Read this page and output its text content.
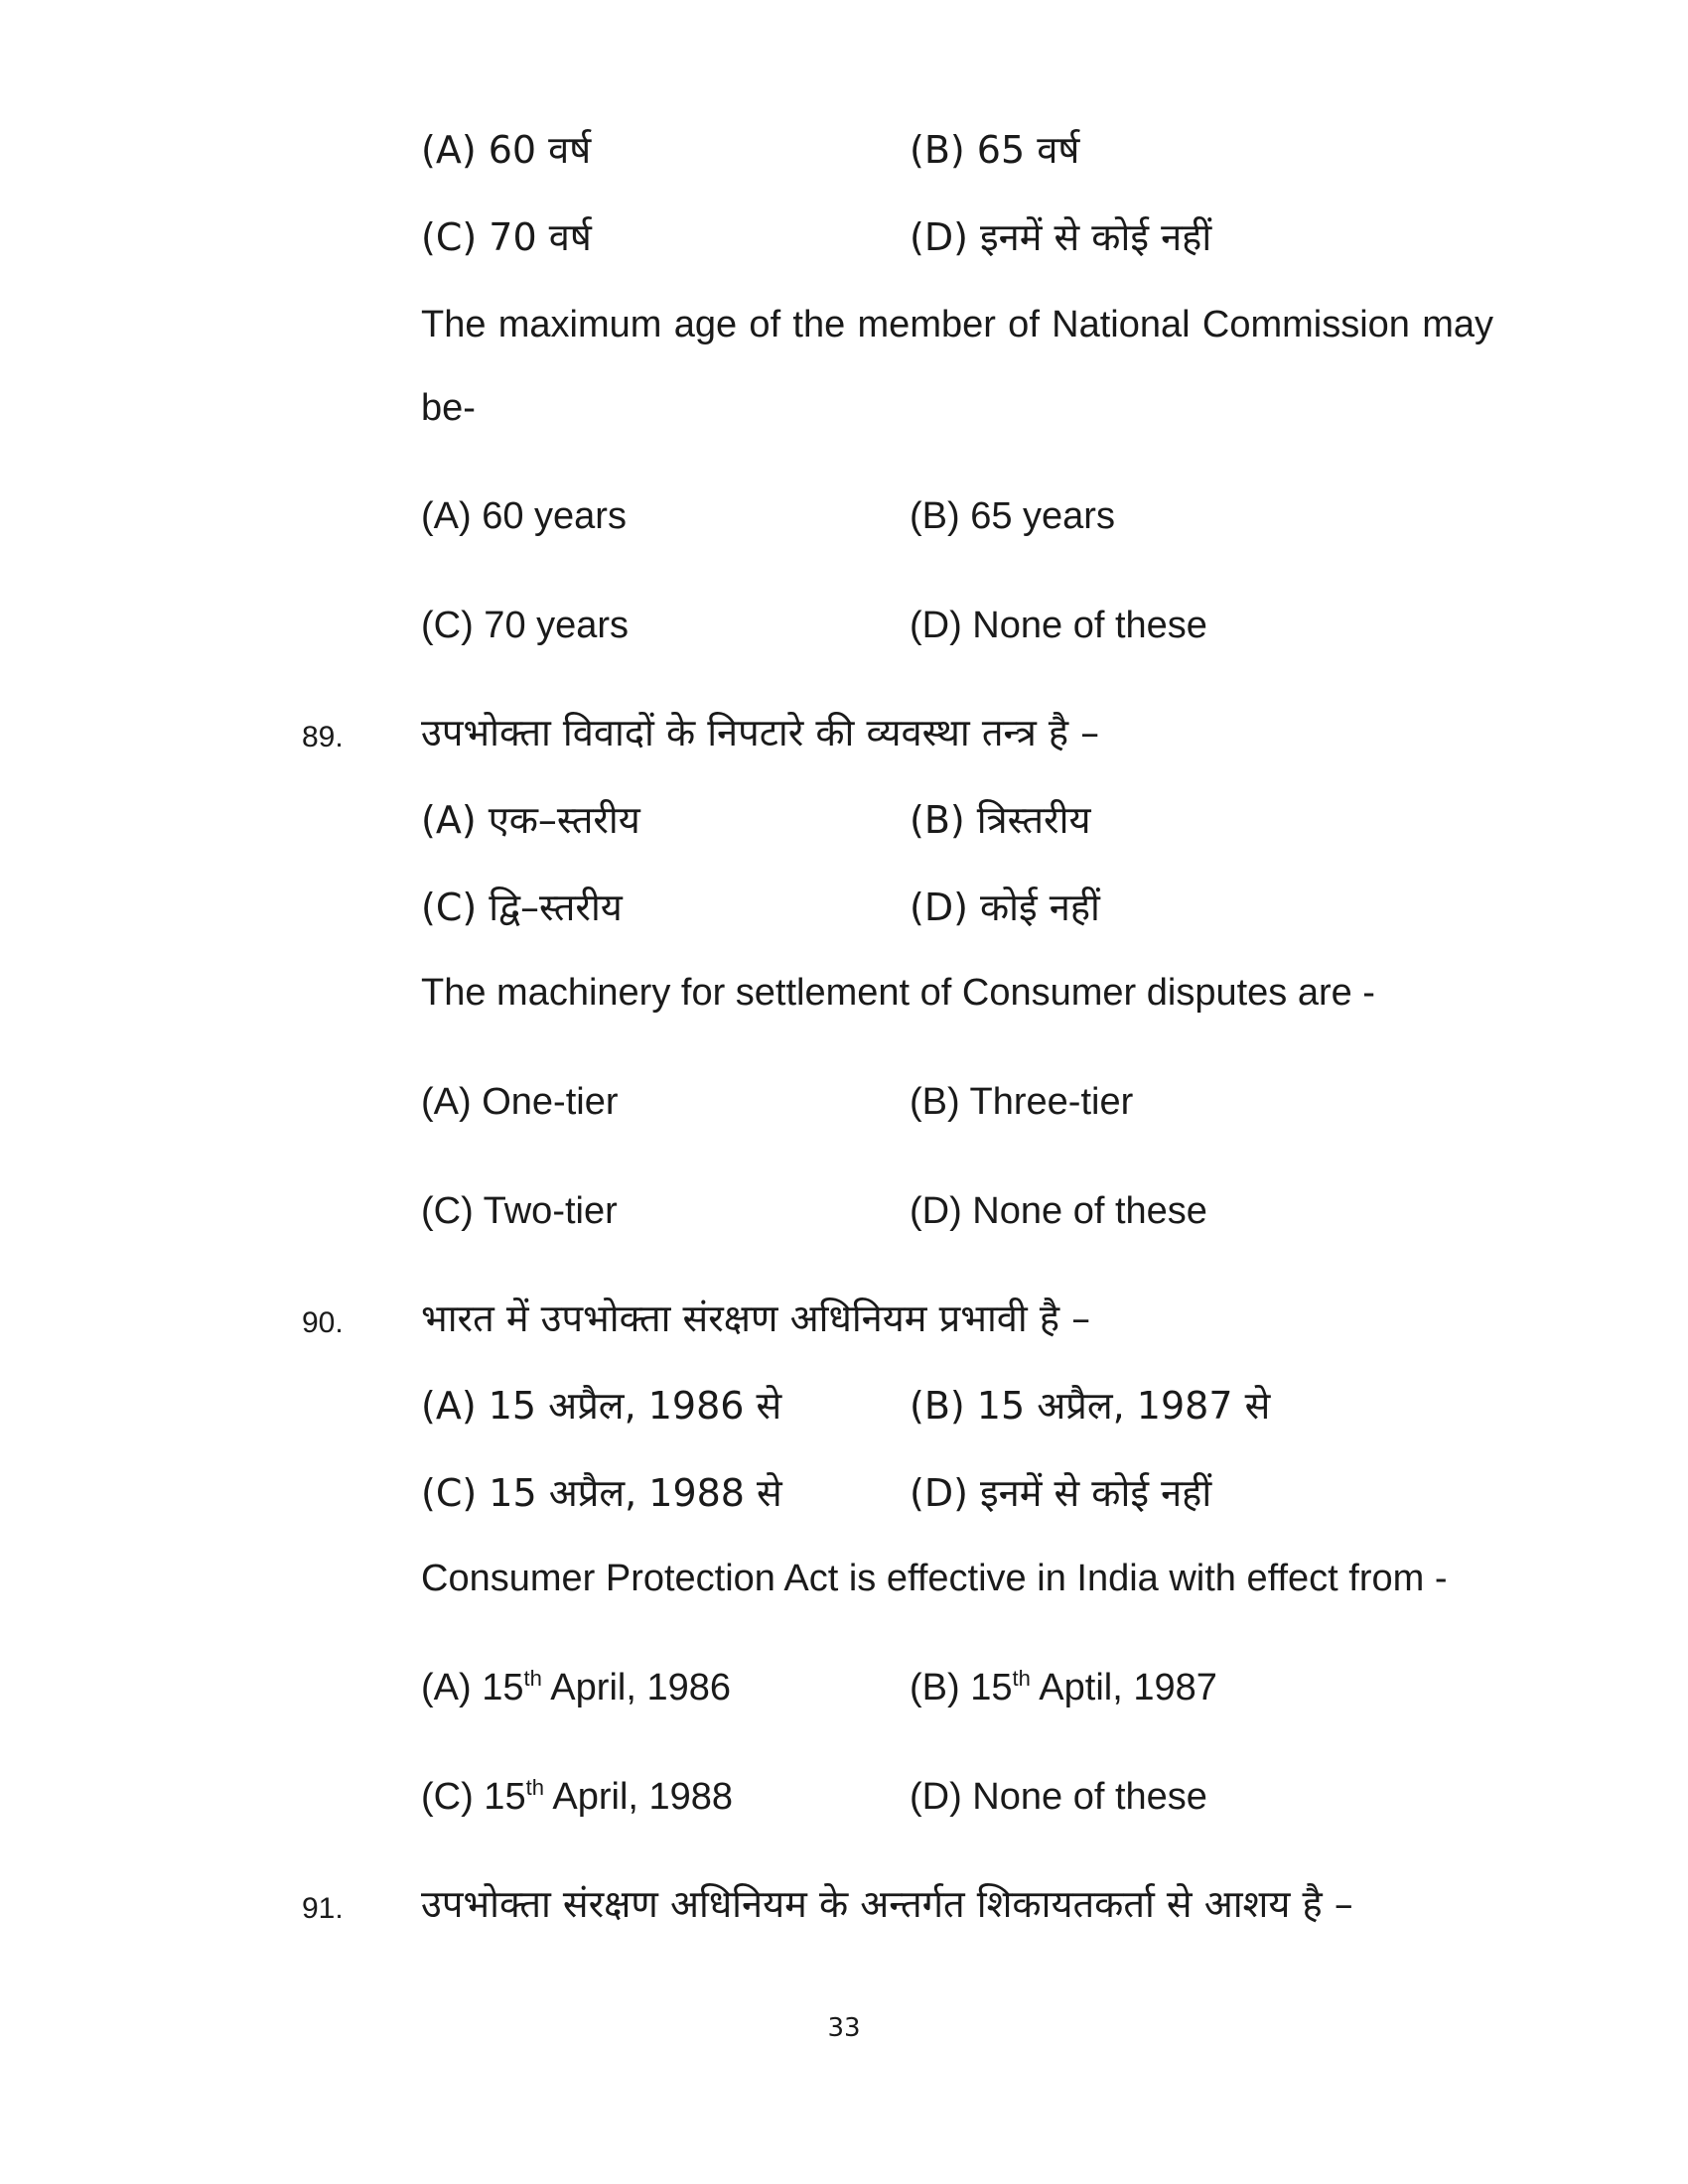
(A) 60 वर्ष	(B) 65 वर्ष
(C) 70 वर्ष	(D) इनमें से कोई नहीं
The maximum age of the member of National Commission may
be-
(A) 60 years	(B) 65 years
(C) 70 years	(D) None of these
89. उपभोक्ता विवादों के निपटारे की व्यवस्था तन्त्र है –
(A) एक–स्तरीय	(B) त्रिस्तरीय
(C) द्वि–स्तरीय	(D) कोई नहीं
The machinery for settlement of Consumer disputes are -
(A) One-tier	(B) Three-tier
(C) Two-tier	(D) None of these
90. भारत में उपभोक्ता संरक्षण अधिनियम प्रभावी है –
(A) 15 अप्रैल, 1986 से	(B) 15 अप्रैल, 1987 से
(C) 15 अप्रैल, 1988 से	(D) इनमें से कोई नहीं
Consumer Protection Act is effective in India with effect from -
(A) 15th April, 1986	(B) 15th Aptil, 1987
(C) 15th April, 1988	(D) None of these
91. उपभोक्ता संरक्षण अधिनियम के अन्तर्गत शिकायतकर्ता से आशय है –
33
